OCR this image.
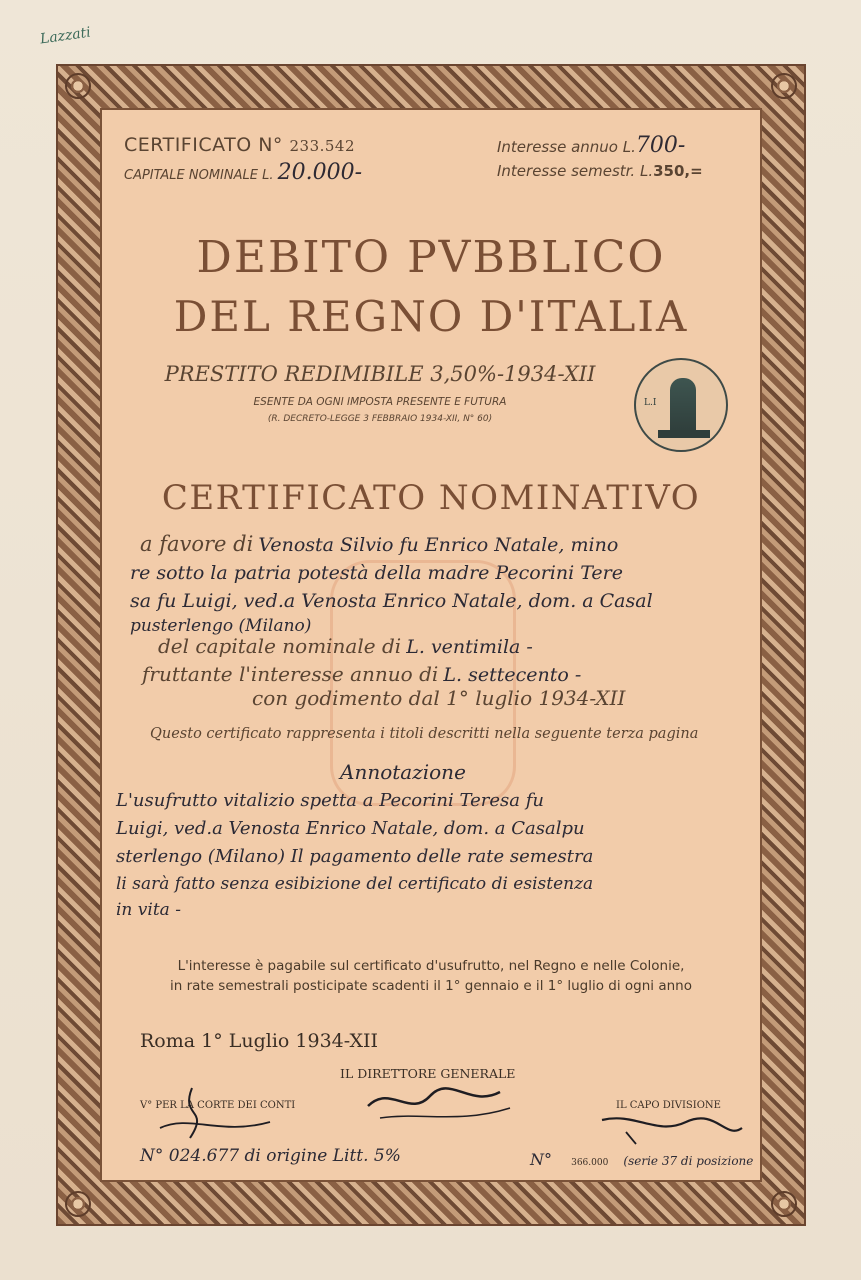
Lazzati
CERTIFICATO N° 233.542
CAPITALE NOMINALE L. 20.000-
Interesse annuo L.700-
Interesse semestr. L.350,=
DEBITO PVBBLICO
DEL REGNO D'ITALIA
PRESTITO REDIMIBILE 3,50%-1934-XII
ESENTE DA OGNI IMPOSTA PRESENTE E FUTURA
(R. DECRETO-LEGGE 3 FEBBRAIO 1934-XII, N° 60)
L.I
CERTIFICATO NOMINATIVO
a favore di Venosta Silvio fu Enrico Natale, mino
re sotto la patria potestà della madre Pecorini Tere
sa fu Luigi, ved.a Venosta Enrico Natale, dom. a Casal
pusterlengo (Milano)
del capitale nominale di L. ventimila -
fruttante l'interesse annuo di L. settecento -
con godimento dal 1° luglio 1934-XII
Questo certificato rappresenta i titoli descritti nella seguente terza pagina
Annotazione
L'usufrutto vitalizio spetta a Pecorini Teresa fu
Luigi, ved.a Venosta Enrico Natale, dom. a Casalpu
sterlengo (Milano) Il pagamento delle rate semestra
li sarà fatto senza esibizione del certificato di esistenza
in vita -
L'interesse è pagabile sul certificato d'usufrutto, nel Regno e nelle Colonie,
in rate semestrali posticipate scadenti il 1° gennaio e il 1° luglio di ogni anno
Roma 1° Luglio 1934-XII
IL DIRETTORE GENERALE
V° PER LA CORTE DEI CONTI	IL CAPO DIVISIONE
N° 024.677 di origine Litt. 5%	N° 366.000 (serie 37 di posizione
